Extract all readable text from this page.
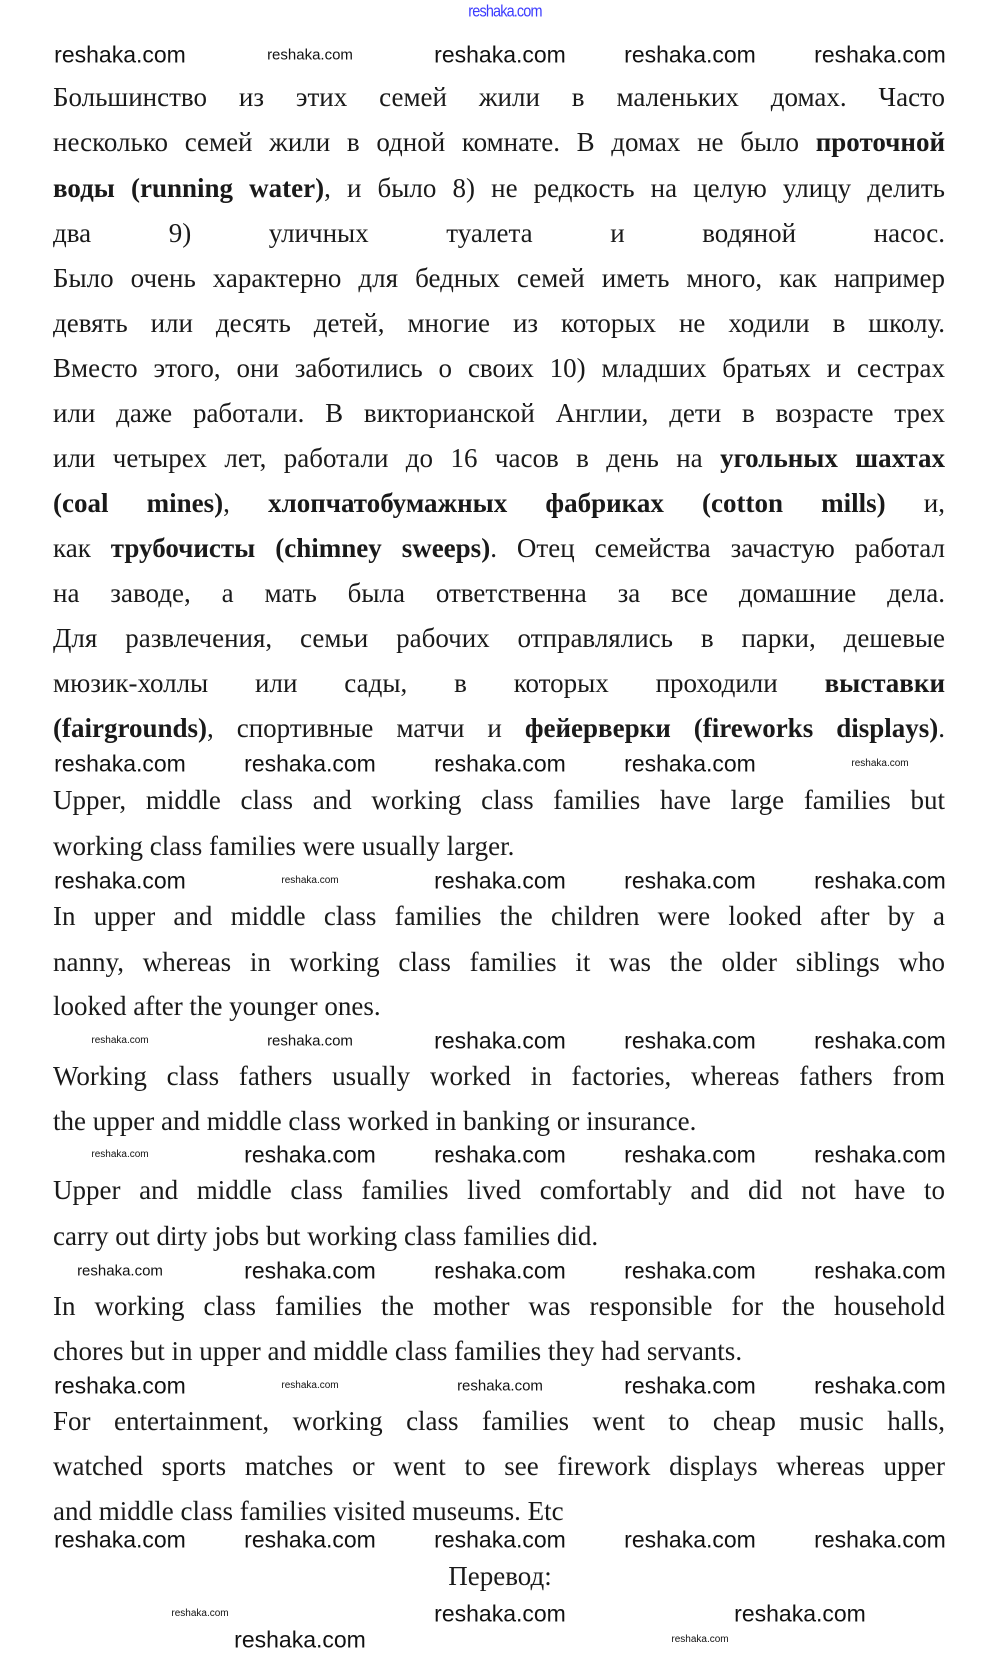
Большинство из этих семей жили в маленьких домах. Часто
несколько семей жили в одной комнате. В домах не было проточной
воды (running water), и было 8) не редкость на целую улицу делить
два 9) уличных туалета и водяной насос.
Было очень характерно для бедных семей иметь много, как например
девять или десять детей, многие из которых не ходили в школу.
Вместо этого, они заботились о своих 10) младших братьях и сестрах
или даже работали. В викторианской Англии, дети в возрасте трех
или четырех лет, работали до 16 часов в день на угольных шахтах
(coal mines), хлопчатобумажных фабриках (cotton mills) и,
как трубочисты (chimney sweeps). Отец семейства зачастую работал
на заводе, а мать была ответственна за все домашние дела.
Для развлечения, семьи рабочих отправлялись в парки, дешевые
мюзик-холлы или сады, в которых проходили выставки
(fairgrounds), спортивные матчи и фейерверки (fireworks displays).
Upper, middle class and working class families have large families but
working class families were usually larger.
In upper and middle class families the children were looked after by a
nanny, whereas in working class families it was the older siblings who
looked after the younger ones.
Working class fathers usually worked in factories, whereas fathers from
the upper and middle class worked in banking or insurance.
Upper and middle class families lived comfortably and did not have to
carry out dirty jobs but working class families did.
In working class families the mother was responsible for the household
chores but in upper and middle class families they had servants.
For entertainment, working class families went to cheap music halls,
watched sports matches or went to see firework displays whereas upper
and middle class families visited museums. Etc
reshaka.com
reshaka.com	reshaka.com	reshaka.com	reshaka.com	reshaka.com
reshaka.com	reshaka.com	reshaka.com	reshaka.com	reshaka.com
reshaka.com	reshaka.com	reshaka.com	reshaka.com	reshaka.com
reshaka.com	reshaka.com	reshaka.com	reshaka.com	reshaka.com
reshaka.com	reshaka.com	reshaka.com	reshaka.com	reshaka.com
reshaka.com	reshaka.com	reshaka.com	reshaka.com	reshaka.com
reshaka.com	reshaka.com	reshaka.com	reshaka.com	reshaka.com
reshaka.com	reshaka.com	reshaka.com	reshaka.com	reshaka.com
reshaka.com	reshaka.com	reshaka.com
reshaka.com	reshaka.com
Перевод:
